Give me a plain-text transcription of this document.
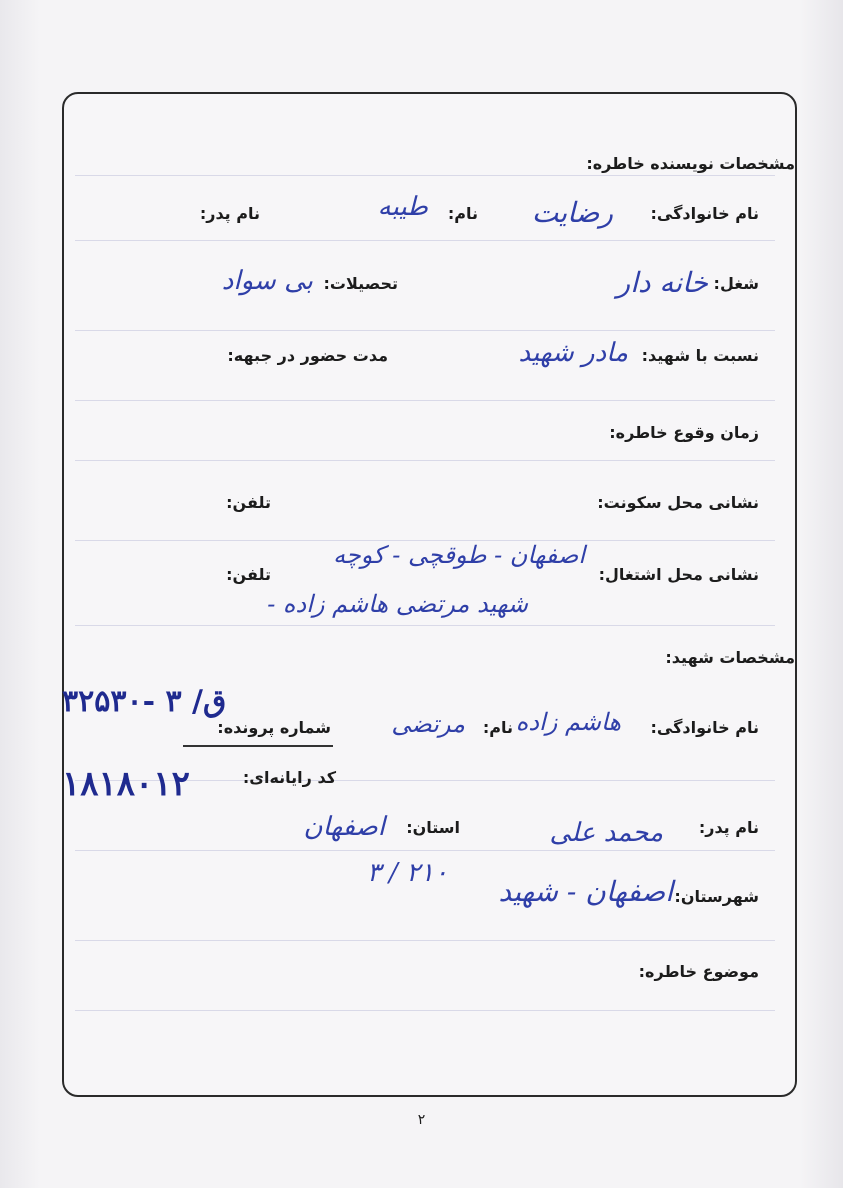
مشخصات نویسنده خاطره:
نام خانوادگی:
رضایت
نام:
طیبه
نام پدر:
شغل:
خانه دار
تحصیلات:
بی سواد
نسبت با شهید:
مادر شهید
مدت حضور در جبهه:
زمان وقوع خاطره:
نشانی محل سکونت:
تلفن:
نشانی محل اشتغال:
اصفهان - طوقچی - کوچه
شهید مرتضی هاشم زاده -
تلفن:
مشخصات شهید:
ق/ ۳ -۳۲۵۳۰
نام خانوادگی:
هاشم زاده
نام:
مرتضی
شماره پرونده:
۱۸۱۸۰۱۲	کد رایانه‌ای:
نام پدر:
محمد علی
استان:
اصفهان
۲۱۰ / ۳
شهرستان:
اصفهان - شهید
موضوع خاطره:
۲
